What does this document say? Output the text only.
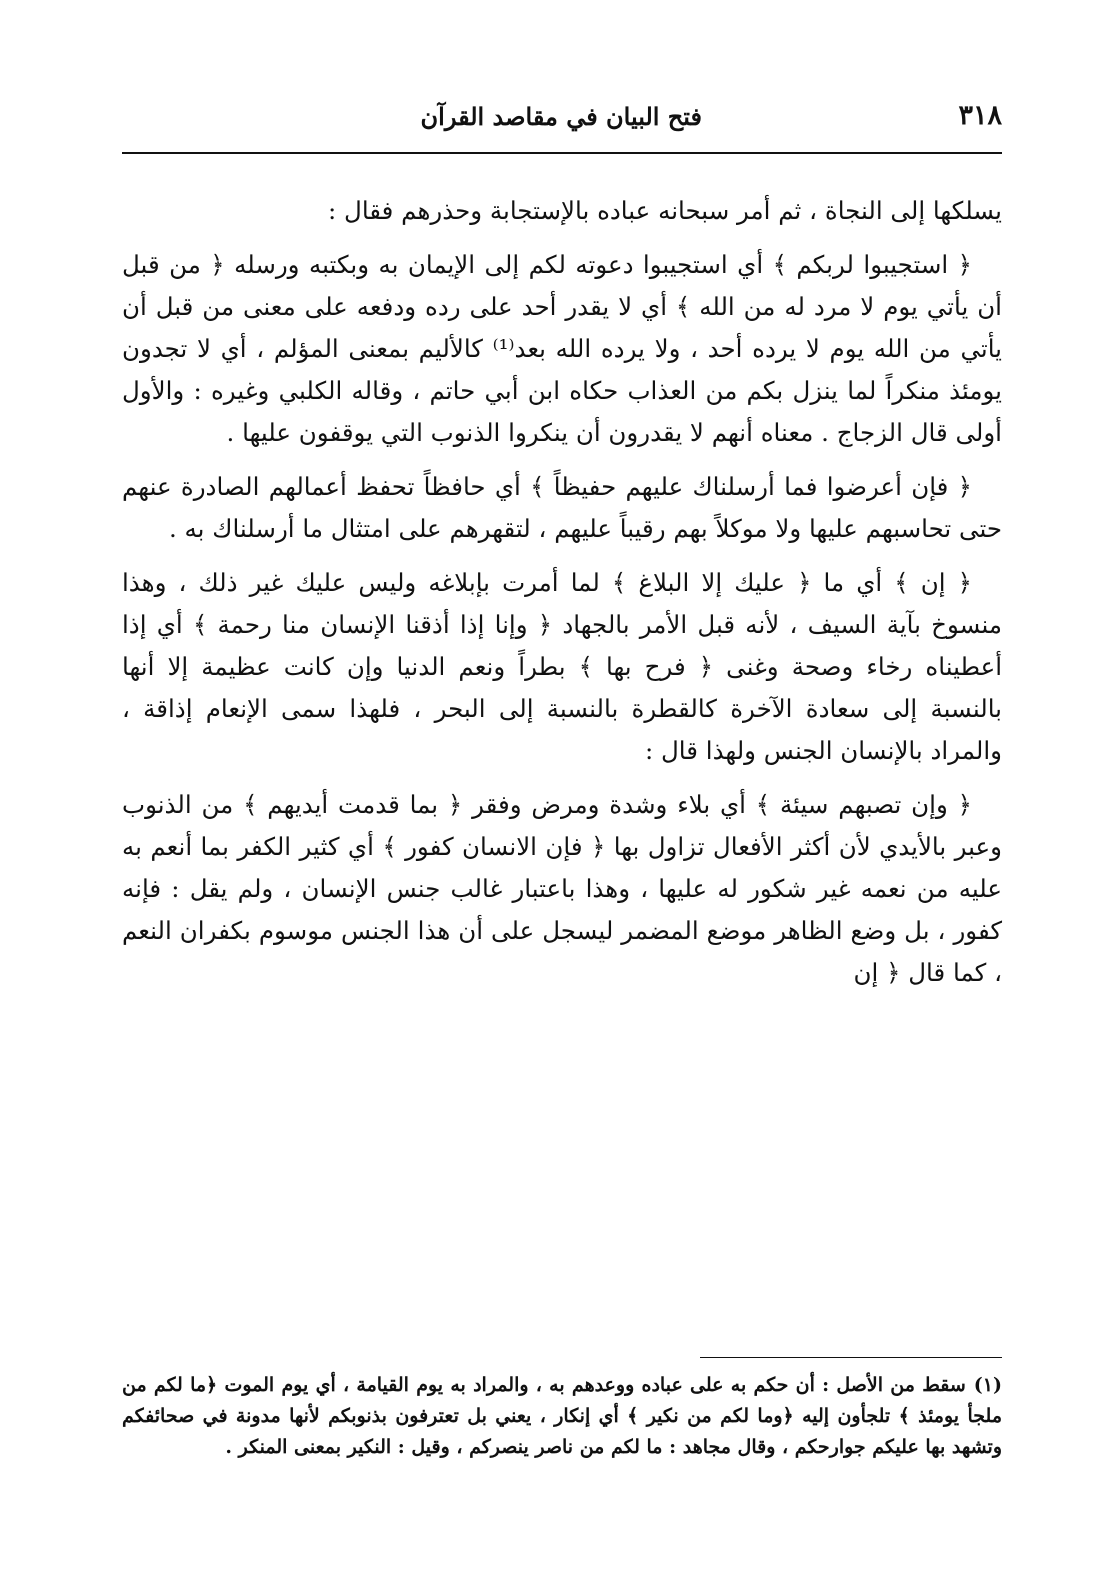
٣١٨
فتح البيان في مقاصد القرآن

يسلكها إلى النجاة ، ثم أمر سبحانه عباده بالإستجابة وحذرهم فقال :

﴿ استجيبوا لربكم ﴾ أي استجيبوا دعوته لكم إلى الإيمان به وبكتبه ورسله ﴿ من قبل أن يأتي يوم لا مرد له من الله ﴾ أي لا يقدر أحد على رده ودفعه على معنى من قبل أن يأتي من الله يوم لا يرده أحد ، ولا يرده الله بعد⁽¹⁾ كالأليم بمعنى المؤلم ، أي لا تجدون يومئذ منكراً لما ينزل بكم من العذاب حكاه ابن أبي حاتم ، وقاله الكلبي وغيره : والأول أولى قال الزجاج . معناه أنهم لا يقدرون أن ينكروا الذنوب التي يوقفون عليها .

﴿ فإن أعرضوا فما أرسلناك عليهم حفيظاً ﴾ أي حافظاً تحفظ أعمالهم الصادرة عنهم حتى تحاسبهم عليها ولا موكلاً بهم رقيباً عليهم ، لتقهرهم على امتثال ما أرسلناك به .

﴿ إن ﴾ أي ما ﴿ عليك إلا البلاغ ﴾ لما أمرت بإبلاغه وليس عليك غير ذلك ، وهذا منسوخ بآية السيف ، لأنه قبل الأمر بالجهاد ﴿ وإنا إذا أذقنا الإنسان منا رحمة ﴾ أي إذا أعطيناه رخاء وصحة وغنى ﴿ فرح بها ﴾ بطراً ونعم الدنيا وإن كانت عظيمة إلا أنها بالنسبة إلى سعادة الآخرة كالقطرة بالنسبة إلى البحر ، فلهذا سمى الإنعام إذاقة ، والمراد بالإنسان الجنس ولهذا قال :

﴿ وإن تصبهم سيئة ﴾ أي بلاء وشدة ومرض وفقر ﴿ بما قدمت أيديهم ﴾ من الذنوب وعبر بالأيدي لأن أكثر الأفعال تزاول بها ﴿ فإن الانسان كفور ﴾ أي كثير الكفر بما أنعم به عليه من نعمه غير شكور له عليها ، وهذا باعتبار غالب جنس الإنسان ، ولم يقل : فإنه كفور ، بل وضع الظاهر موضع المضمر ليسجل على أن هذا الجنس موسوم بكفران النعم ، كما قال ﴿ إن

(١)سقط من الأصل : أن حكم به على عباده ووعدهم به ، والمراد به يوم القيامة ، أي يوم الموت ﴿ما لكم من ملجأ يومئذ ﴾ تلجأون إليه ﴿وما لكم من نكير ﴾ أي إنكار ، يعني بل تعترفون بذنوبكم لأنها مدونة في صحائفكم وتشهد بها عليكم جوارحكم ، وقال مجاهد : ما لكم من ناصر ينصركم ، وقيل : النكير بمعنى المنكر .
